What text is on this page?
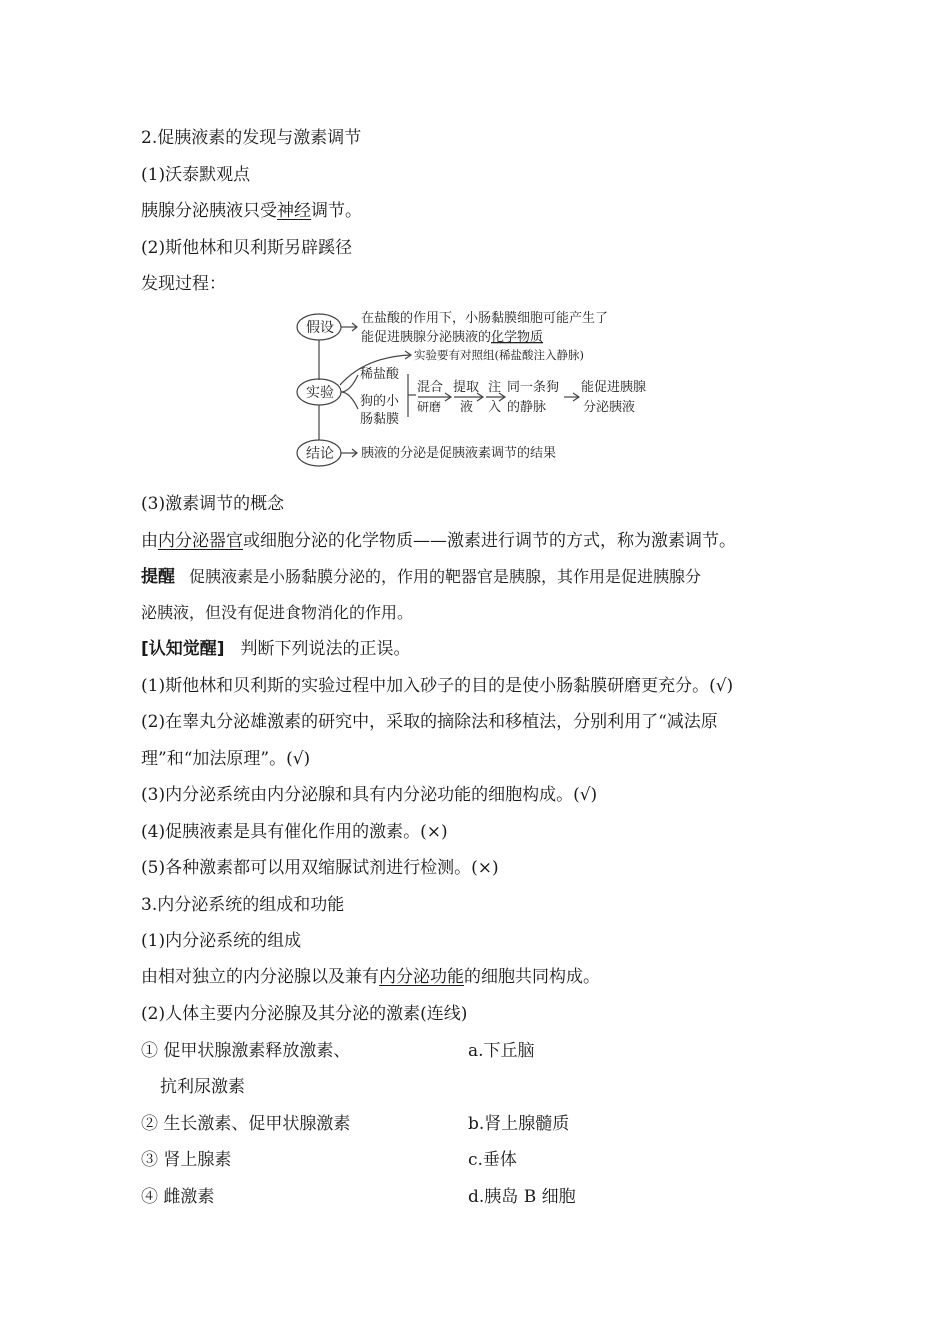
2.促胰液素的发现与激素调节
(1)沃泰默观点
胰腺分泌胰液只受神经调节。
(2)斯他林和贝利斯另辟蹊径
发现过程：
假设
实验
结论
在盐酸的作用下，小肠黏膜细胞可能产生了
能促进胰腺分泌胰液的化学物质
实验要有对照组(稀盐酸注入静脉)
稀盐酸
狗的小
肠黏膜
混合
研磨
提取
液
注
入
同一条狗
的静脉
能促进胰腺
分泌胰液
胰液的分泌是促胰液素调节的结果
(3)激素调节的概念
由内分泌器官或细胞分泌的化学物质——激素进行调节的方式，称为激素调节。
提醒 促胰液素是小肠黏膜分泌的，作用的靶器官是胰腺，其作用是促进胰腺分
泌胰液，但没有促进食物消化的作用。
[认知觉醒] 判断下列说法的正误。
(1)斯他林和贝利斯的实验过程中加入砂子的目的是使小肠黏膜研磨更充分。(√)
(2)在睾丸分泌雄激素的研究中，采取的摘除法和移植法，分别利用了“减法原
理”和“加法原理”。(√)
(3)内分泌系统由内分泌腺和具有内分泌功能的细胞构成。(√)
(4)促胰液素是具有催化作用的激素。(×)
(5)各种激素都可以用双缩脲试剂进行检测。(×)
3.内分泌系统的组成和功能
(1)内分泌系统的组成
由相对独立的内分泌腺以及兼有内分泌功能的细胞共同构成。
(2)人体主要内分泌腺及其分泌的激素(连线)
① 促甲状腺激素释放激素、	a.下丘脑
抗利尿激素
② 生长激素、促甲状腺激素	b.肾上腺髓质
③ 肾上腺素	c.垂体
④ 雌激素	d.胰岛 B 细胞
